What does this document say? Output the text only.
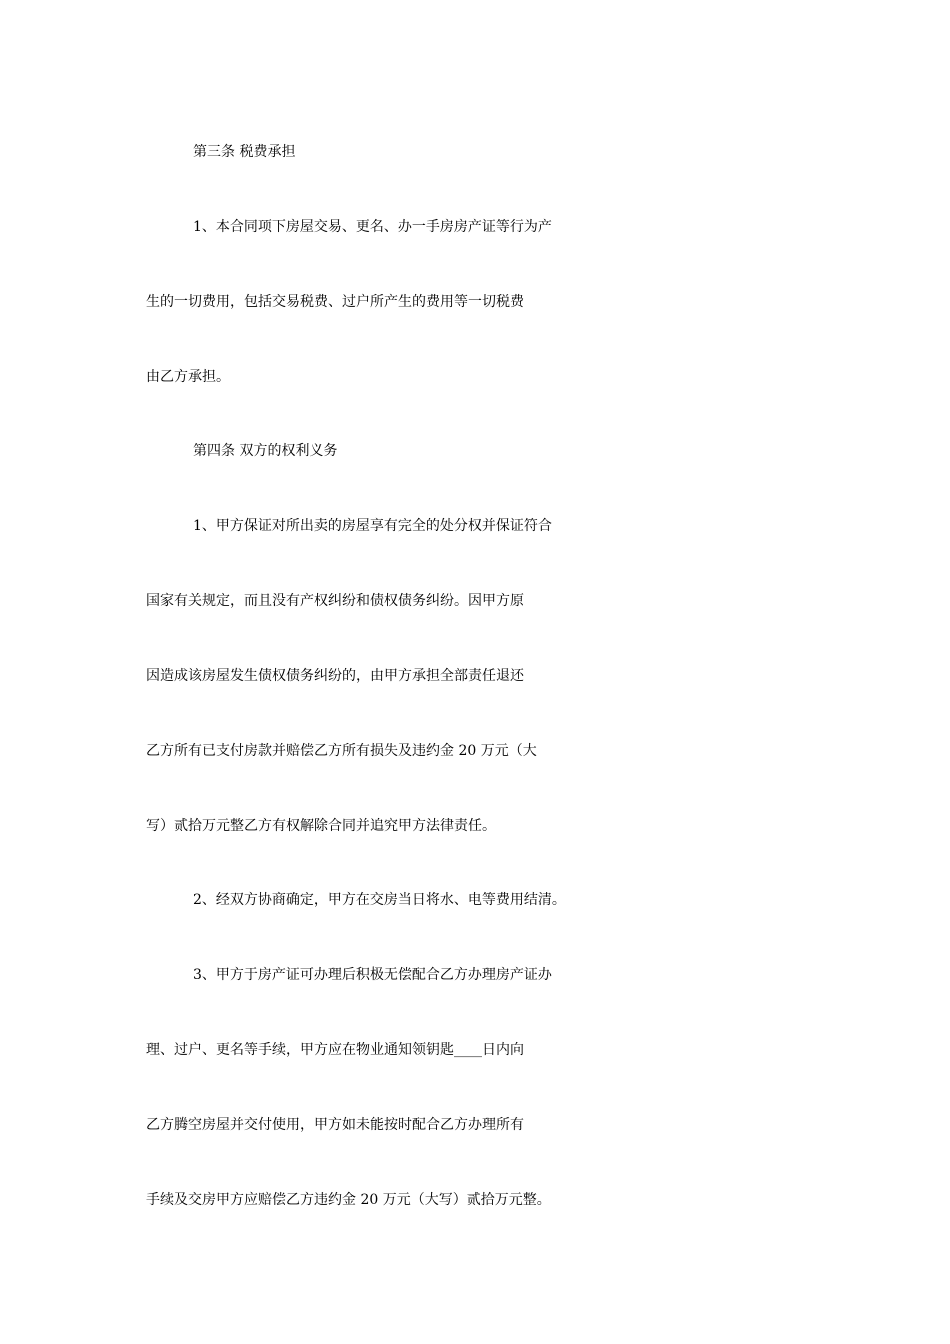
第三条 税费承担
1、本合同项下房屋交易、更名、办一手房房产证等行为产
生的一切费用，包括交易税费、过户所产生的费用等一切税费
由乙方承担。
第四条 双方的权利义务
1、甲方保证对所出卖的房屋享有完全的处分权并保证符合
国家有关规定，而且没有产权纠纷和债权债务纠纷。因甲方原
因造成该房屋发生债权债务纠纷的，由甲方承担全部责任退还
乙方所有已支付房款并赔偿乙方所有损失及违约金 20 万元（大
写）贰拾万元整乙方有权解除合同并追究甲方法律责任。
2、经双方协商确定，甲方在交房当日将水、电等费用结清。
3、甲方于房产证可办理后积极无偿配合乙方办理房产证办
理、过户、更名等手续，甲方应在物业通知领钥匙____日内向
乙方腾空房屋并交付使用，甲方如未能按时配合乙方办理所有
手续及交房甲方应赔偿乙方违约金 20 万元（大写）贰拾万元整。
